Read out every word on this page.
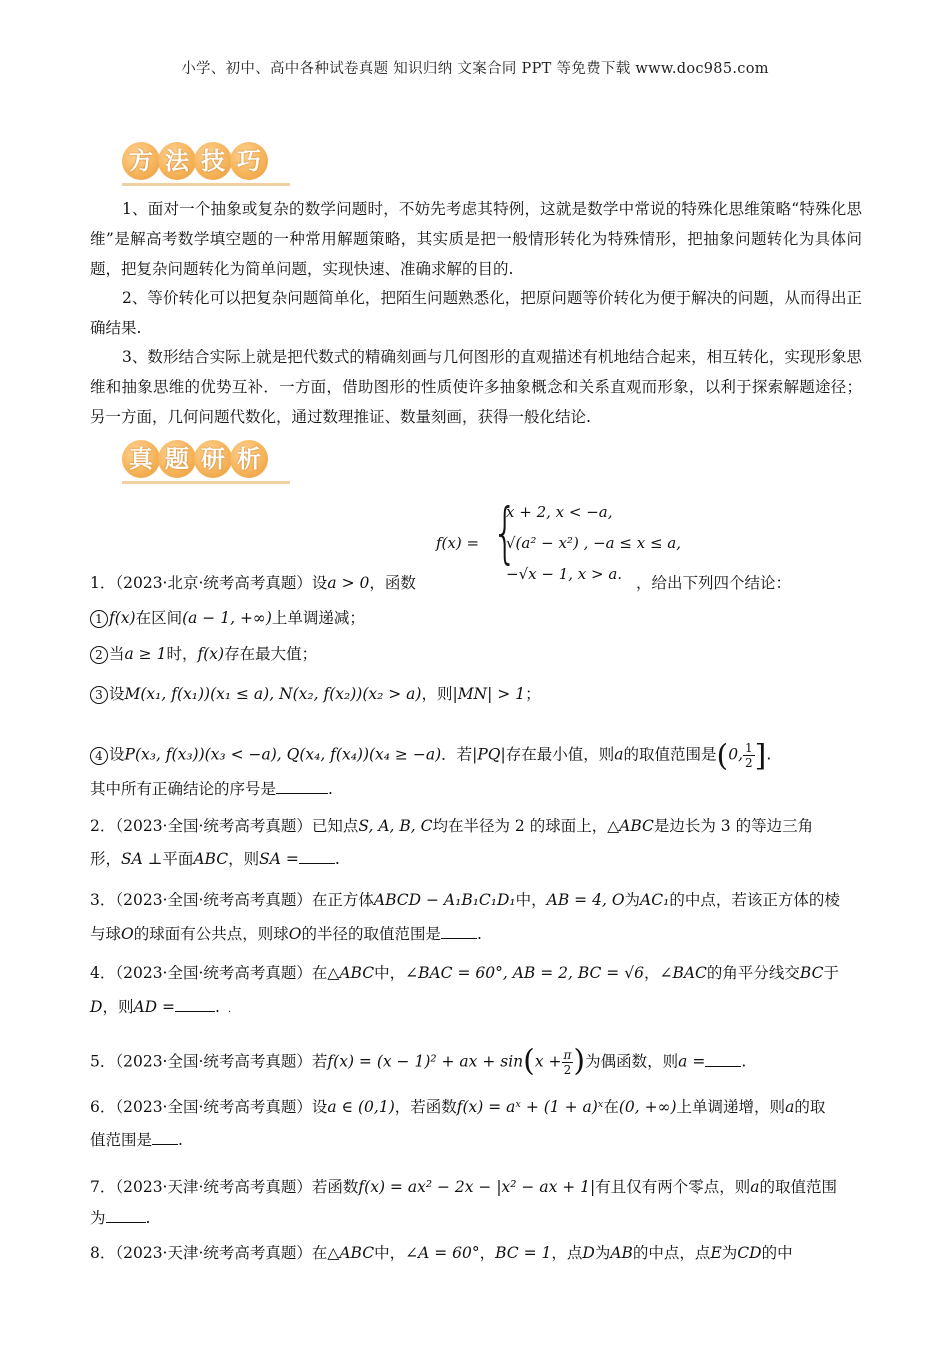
小学、初中、高中各种试卷真题 知识归纳 文案合同 PPT 等免费下载 www.doc985.com
方 法 技 巧
1、面对一个抽象或复杂的数学问题时，不妨先考虑其特例，这就是数学中常说的特殊化思维策略“特殊化思维”是解高考数学填空题的一种常用解题策略，其实质是把一般情形转化为特殊情形，把抽象问题转化为具体问题，把复杂问题转化为简单问题，实现快速、准确求解的目的.
2、等价转化可以把复杂问题简单化，把陌生问题熟悉化，把原问题等价转化为便于解决的问题，从而得出正确结果.
3、数形结合实际上就是把代数式的精确刻画与几何图形的直观描述有机地结合起来，相互转化，实现形象思维和抽象思维的优势互补．一方面，借助图形的性质使许多抽象概念和关系直观而形象，以利于探索解题途径；另一方面，几何问题代数化，通过数理推证、数量刻画，获得一般化结论.
真 题 研 析
f(x) = {
x + 2, x < −a,
√(a² − x²) , −a ≤ x ≤ a,
−√x − 1, x > a.
1．（2023·北京·统考高考真题）设a > 0，函数	，给出下列四个结论：
1 f(x)在区间(a − 1, +∞)上单调递减；
2 当a ≥ 1时，f(x)存在最大值；
3 设M(x₁, f(x₁))(x₁ ≤ a), N(x₂, f(x₂))(x₂ > a)，则|MN| > 1；
4 设P(x₃, f(x₃))(x₃ < −a), Q(x₄, f(x₄))(x₄ ≥ −a)．若|PQ|存在最小值，则a的取值范围是(0, $\frac{1}{2}$ ].
其中所有正确结论的序号是	.
2．（2023·全国·统考高考真题）已知点S, A, B, C均在半径为 2 的球面上，△ABC是边长为 3 的等边三角
形，SA ⊥平面ABC，则SA = .
3．（2023·全国·统考高考真题）在正方体ABCD − A₁B₁C₁D₁中，AB = 4, O为AC₁的中点，若该正方体的棱
与球O的球面有公共点，则球O的半径的取值范围是 .
4．（2023·全国·统考高考真题）在△ABC中，∠BAC = 60°, AB = 2, BC = √6，∠BAC的角平分线交BC于
D，则AD =	. .
5．（2023·全国·统考高考真题）若f(x) = (x − 1)² + ax + $\sin(x + \frac{\pi}{2}$ )为偶函数，则a = .
6．（2023·全国·统考高考真题）设a ∈ (0,1)，若函数f(x) = aˣ + (1 + a)ˣ在(0, +∞)上单调递增，则a的取
值范围是 .
7．（2023·天津·统考高考真题）若函数f(x) = ax² − 2x − |x² − ax + 1|有且仅有两个零点，则a的取值范围
为	.
8．（2023·天津·统考高考真题）在△ABC中，∠A = 60°，BC = 1，点D为AB的中点，点E为CD的中
